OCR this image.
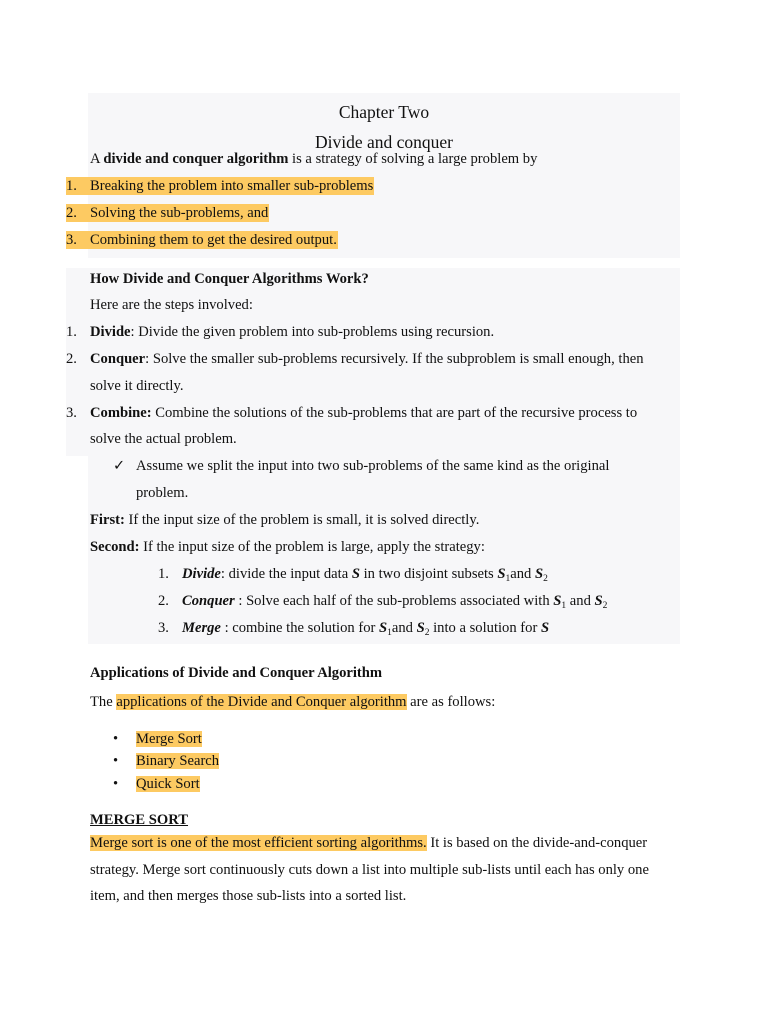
Chapter Two
Divide and conquer
A divide and conquer algorithm is a strategy of solving a large problem by
1. Breaking the problem into smaller sub-problems
2. Solving the sub-problems, and
3. Combining them to get the desired output.
How Divide and Conquer Algorithms Work?
Here are the steps involved:
1. Divide: Divide the given problem into sub-problems using recursion.
2. Conquer: Solve the smaller sub-problems recursively. If the subproblem is small enough, then
solve it directly.
3. Combine: Combine the solutions of the sub-problems that are part of the recursive process to
solve the actual problem.
✓ Assume we split the input into two sub-problems of the same kind as the original
problem.
First: If the input size of the problem is small, it is solved directly.
Second: If the input size of the problem is large, apply the strategy:
1. Divide: divide the input data S in two disjoint subsets $S_1and$ $S_2$
2. Conquer : Solve each half of the sub-problems associated with $S_1$ and $S_2$
3. Merge : combine the solution for $S_1and$ $S_2$ into a solution for S
Applications of Divide and Conquer Algorithm
The applications of the Divide and Conquer algorithm are as follows:
• Merge Sort
• Binary Search
• Quick Sort
MERGE SORT
Merge sort is one of the most efficient sorting algorithms. It is based on the divide-and-conquer
strategy. Merge sort continuously cuts down a list into multiple sub-lists until each has only one
item, and then merges those sub-lists into a sorted list.
